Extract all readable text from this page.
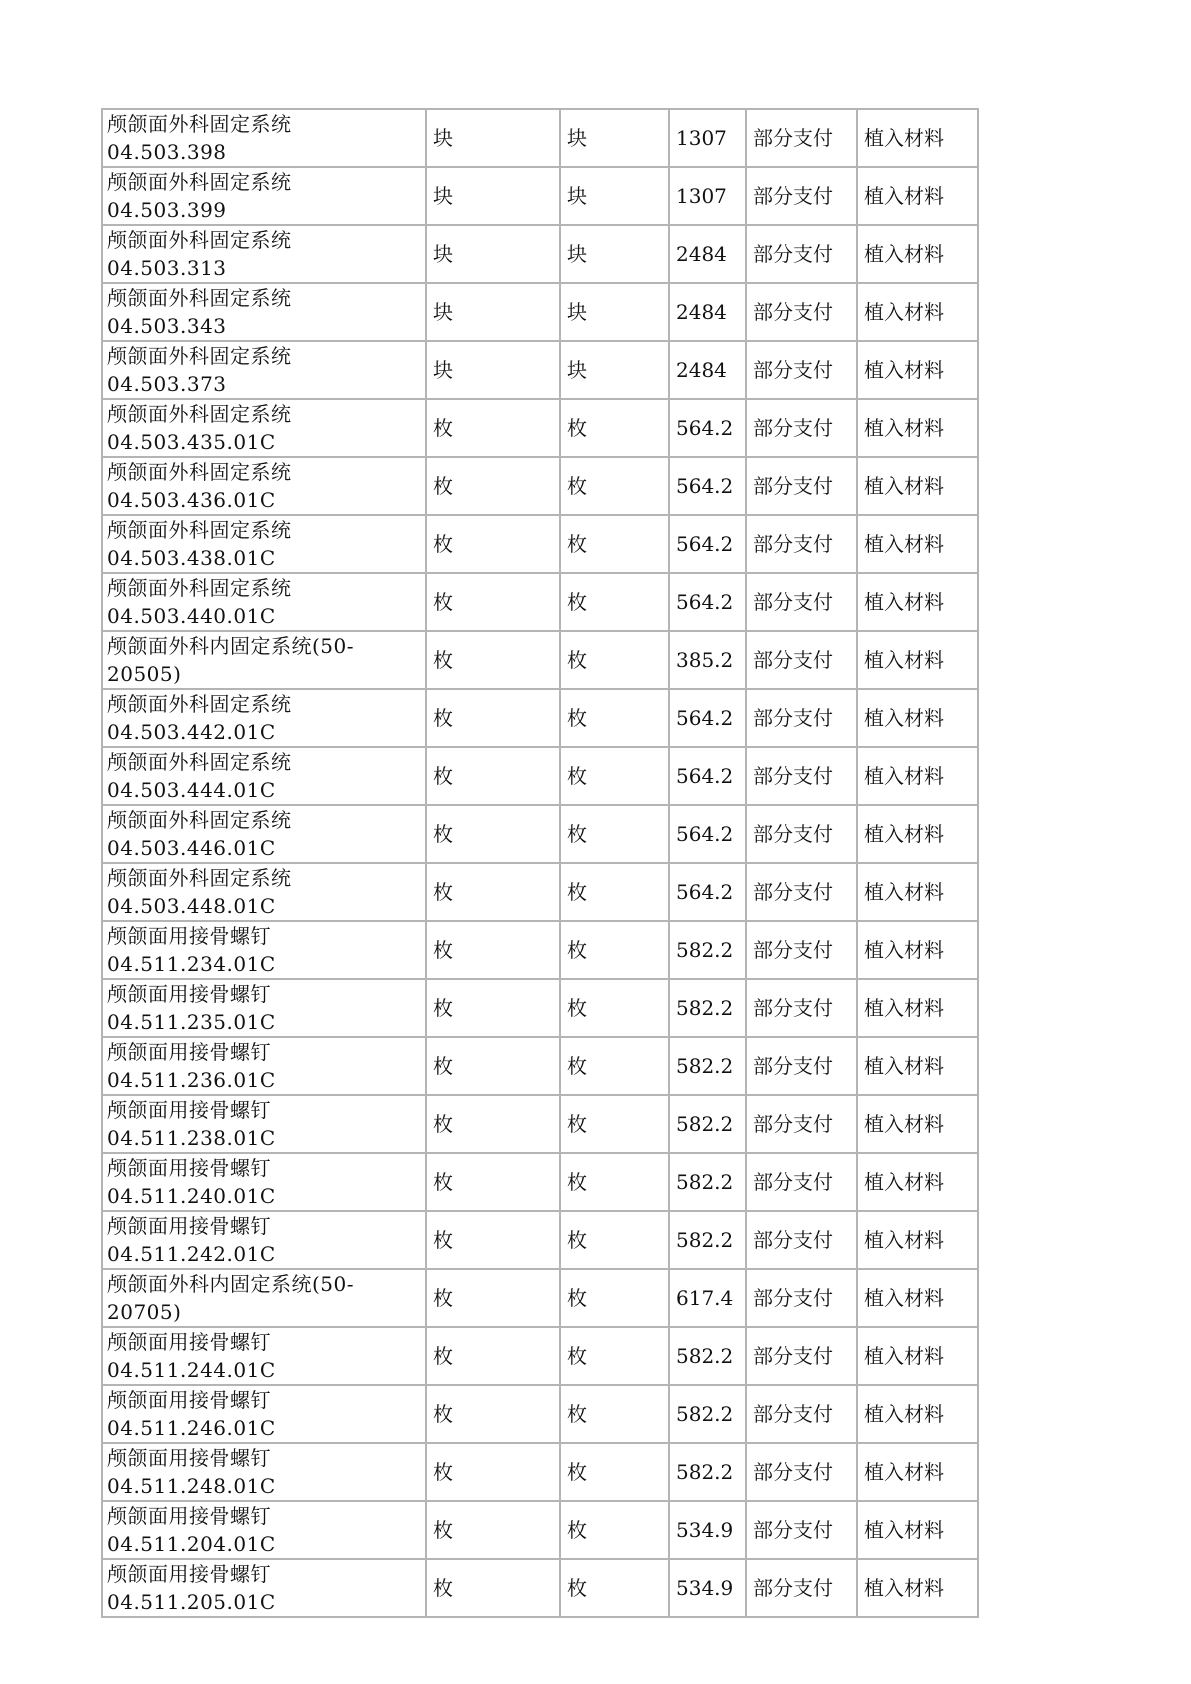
颅颌面外科固定系统
04.503.398	块	块	1307	部分支付	植入材料

颅颌面外科固定系统
04.503.399	块	块	1307	部分支付	植入材料

颅颌面外科固定系统
04.503.313	块	块	2484	部分支付	植入材料

颅颌面外科固定系统
04.503.343	块	块	2484	部分支付	植入材料

颅颌面外科固定系统
04.503.373	块	块	2484	部分支付	植入材料

颅颌面外科固定系统
04.503.435.01C	枚	枚	564.2	部分支付	植入材料

颅颌面外科固定系统
04.503.436.01C	枚	枚	564.2	部分支付	植入材料

颅颌面外科固定系统
04.503.438.01C	枚	枚	564.2	部分支付	植入材料

颅颌面外科固定系统
04.503.440.01C	枚	枚	564.2	部分支付	植入材料

颅颌面外科内固定系统(50-
20505)	枚	枚	385.2	部分支付	植入材料

颅颌面外科固定系统
04.503.442.01C	枚	枚	564.2	部分支付	植入材料

颅颌面外科固定系统
04.503.444.01C	枚	枚	564.2	部分支付	植入材料

颅颌面外科固定系统
04.503.446.01C	枚	枚	564.2	部分支付	植入材料

颅颌面外科固定系统
04.503.448.01C	枚	枚	564.2	部分支付	植入材料

颅颌面用接骨螺钉
04.511.234.01C	枚	枚	582.2	部分支付	植入材料

颅颌面用接骨螺钉
04.511.235.01C	枚	枚	582.2	部分支付	植入材料

颅颌面用接骨螺钉
04.511.236.01C	枚	枚	582.2	部分支付	植入材料

颅颌面用接骨螺钉
04.511.238.01C	枚	枚	582.2	部分支付	植入材料

颅颌面用接骨螺钉
04.511.240.01C	枚	枚	582.2	部分支付	植入材料

颅颌面用接骨螺钉
04.511.242.01C	枚	枚	582.2	部分支付	植入材料

颅颌面外科内固定系统(50-
20705)	枚	枚	617.4	部分支付	植入材料

颅颌面用接骨螺钉
04.511.244.01C	枚	枚	582.2	部分支付	植入材料

颅颌面用接骨螺钉
04.511.246.01C	枚	枚	582.2	部分支付	植入材料

颅颌面用接骨螺钉
04.511.248.01C	枚	枚	582.2	部分支付	植入材料

颅颌面用接骨螺钉
04.511.204.01C	枚	枚	534.9	部分支付	植入材料

颅颌面用接骨螺钉
04.511.205.01C	枚	枚	534.9	部分支付	植入材料
